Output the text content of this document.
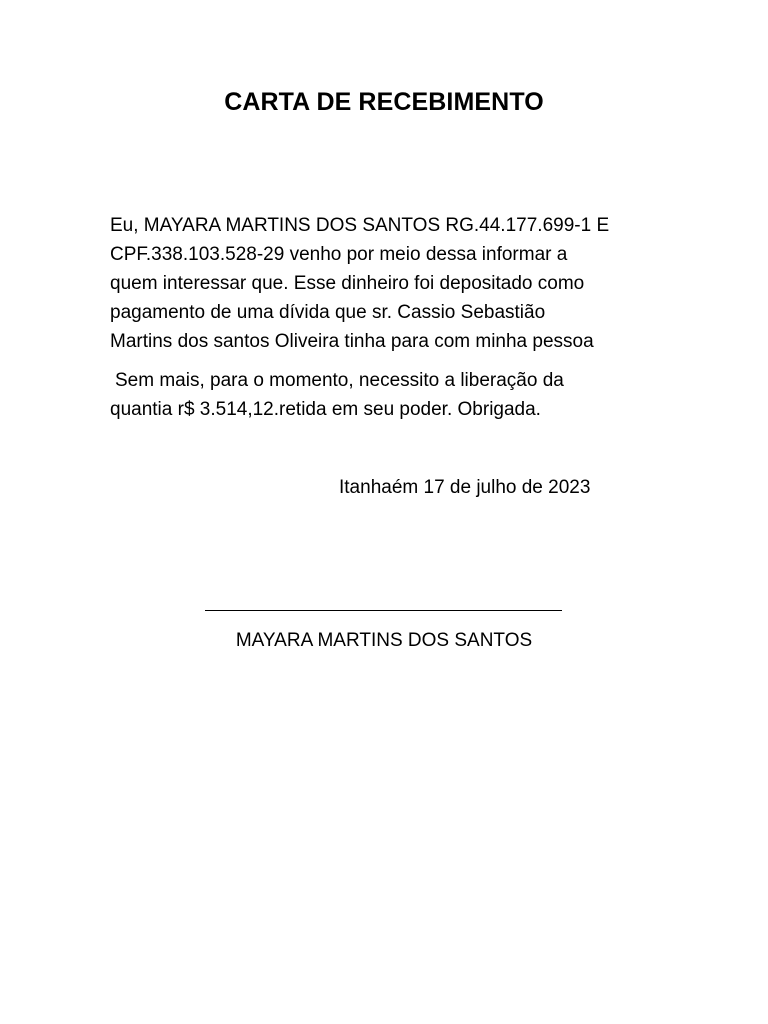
CARTA DE RECEBIMENTO

Eu, MAYARA MARTINS DOS SANTOS RG.44.177.699-1 E
CPF.338.103.528-29 venho por meio dessa informar a
quem interessar que. Esse dinheiro foi depositado como
pagamento de uma dívida que sr. Cassio Sebastião
Martins dos santos Oliveira tinha para com minha pessoa

Sem mais, para o momento, necessito a liberação da
quantia r$ 3.514,12.retida em seu poder. Obrigada.

Itanhaém 17 de julho de 2023

MAYARA MARTINS DOS SANTOS
